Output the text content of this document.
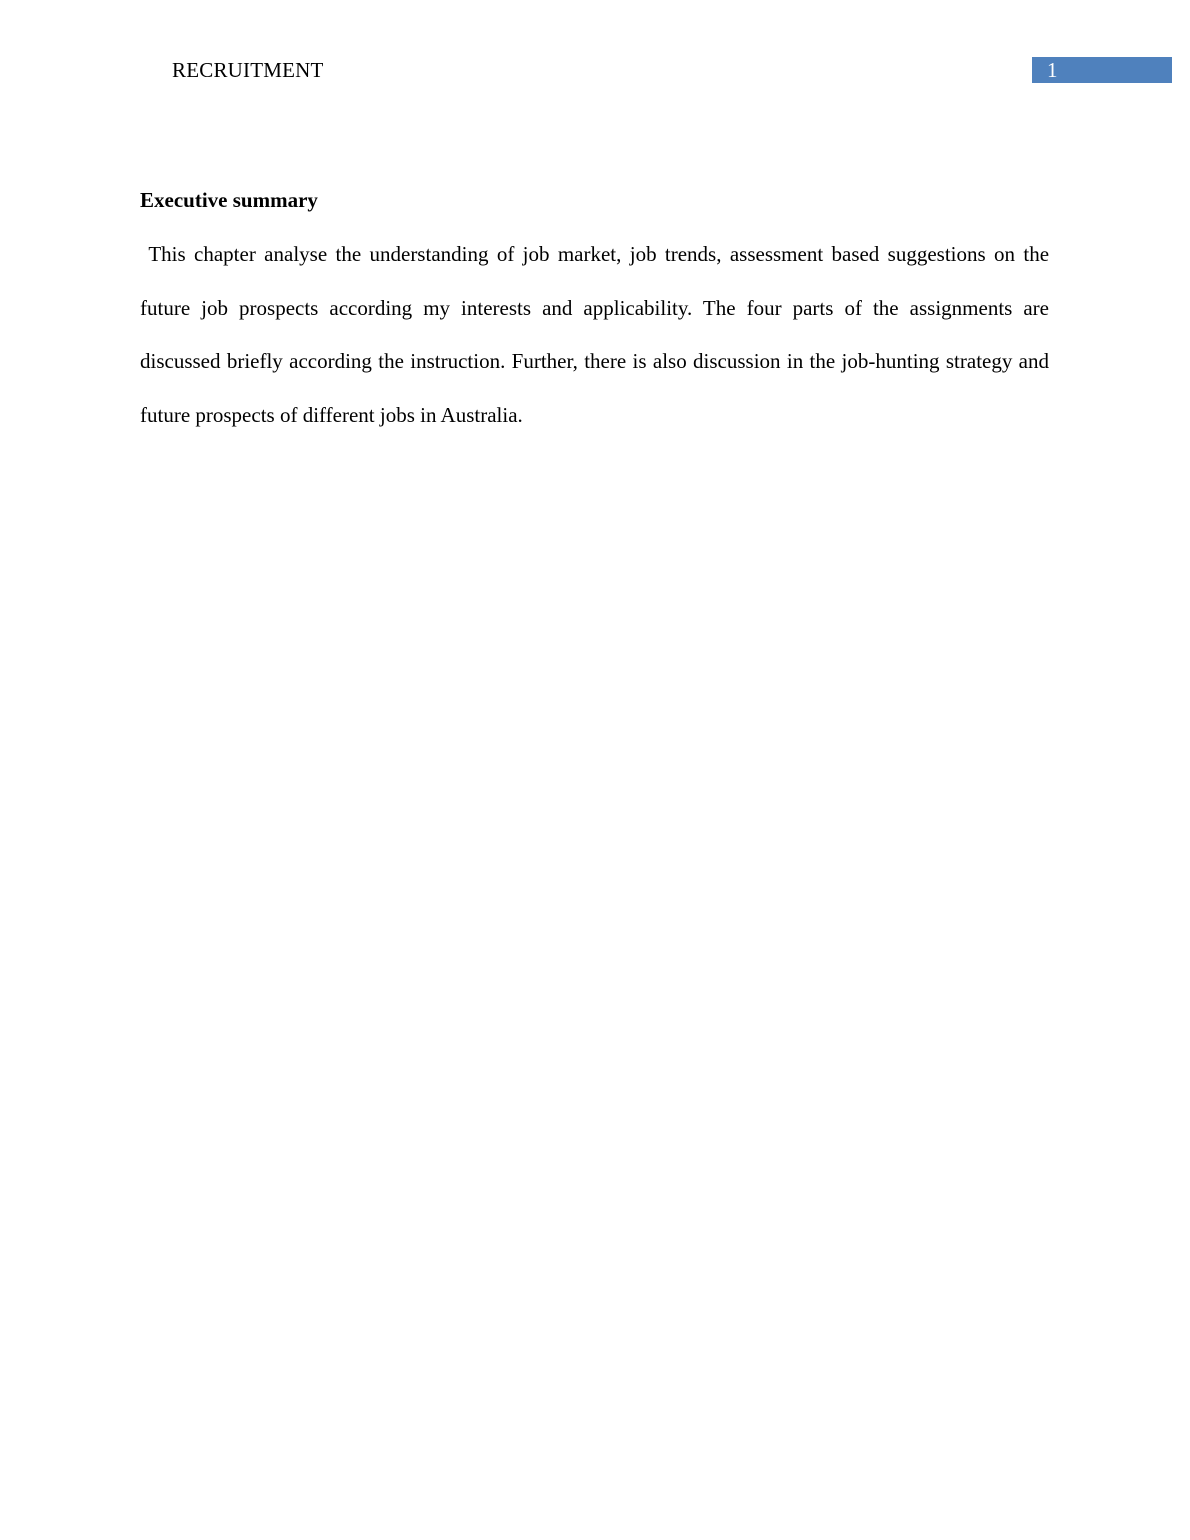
RECRUITMENT	1
Executive summary

This chapter analyse the understanding of job market, job trends, assessment based suggestions on the future job prospects according my interests and applicability. The four parts of the assignments are discussed briefly according the instruction. Further, there is also discussion in the job-hunting strategy and future prospects of different jobs in Australia.
